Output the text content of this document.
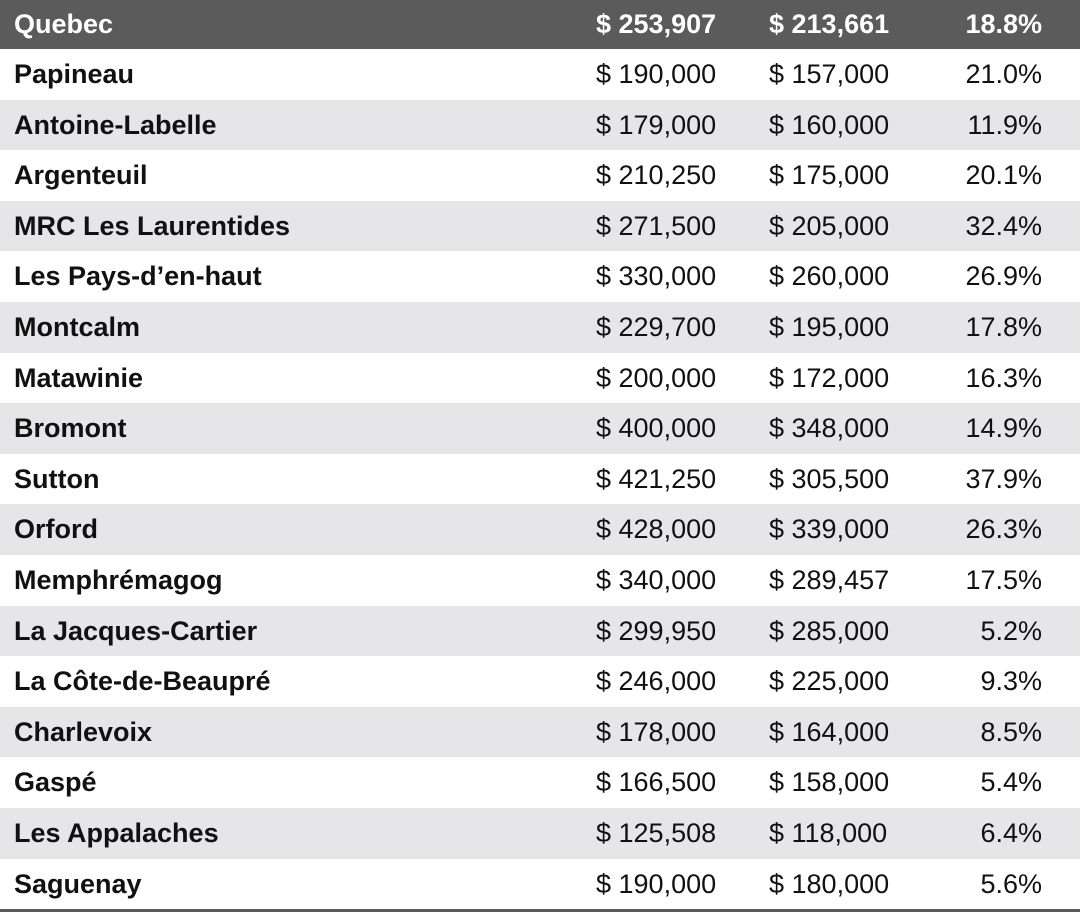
Quebec	$ 253,907 $ 213,661	18.8%
Papineau	$ 190,000 $ 157,000	21.0%
Antoine-Labelle	$ 179,000 $ 160,000	11.9%
Argenteuil	$ 210,250 $ 175,000	20.1%
MRC Les Laurentides	$ 271,500 $ 205,000	32.4%
Les Pays-d’en-haut	$ 330,000 $ 260,000	26.9%
Montcalm	$ 229,700 $ 195,000	17.8%
Matawinie	$ 200,000 $ 172,000	16.3%
Bromont	$ 400,000 $ 348,000	14.9%
Sutton	$ 421,250 $ 305,500	37.9%
Orford	$ 428,000 $ 339,000	26.3%
Memphrémagog	$ 340,000 $ 289,457	17.5%
La Jacques-Cartier	$ 299,950 $ 285,000	5.2%
La Côte-de-Beaupré	$ 246,000 $ 225,000	9.3%
Charlevoix	$ 178,000 $ 164,000	8.5%
Gaspé	$ 166,500 $ 158,000	5.4%
Les Appalaches	$ 125,508 $ 118,000	6.4%
Saguenay	$ 190,000 $ 180,000	5.6%
